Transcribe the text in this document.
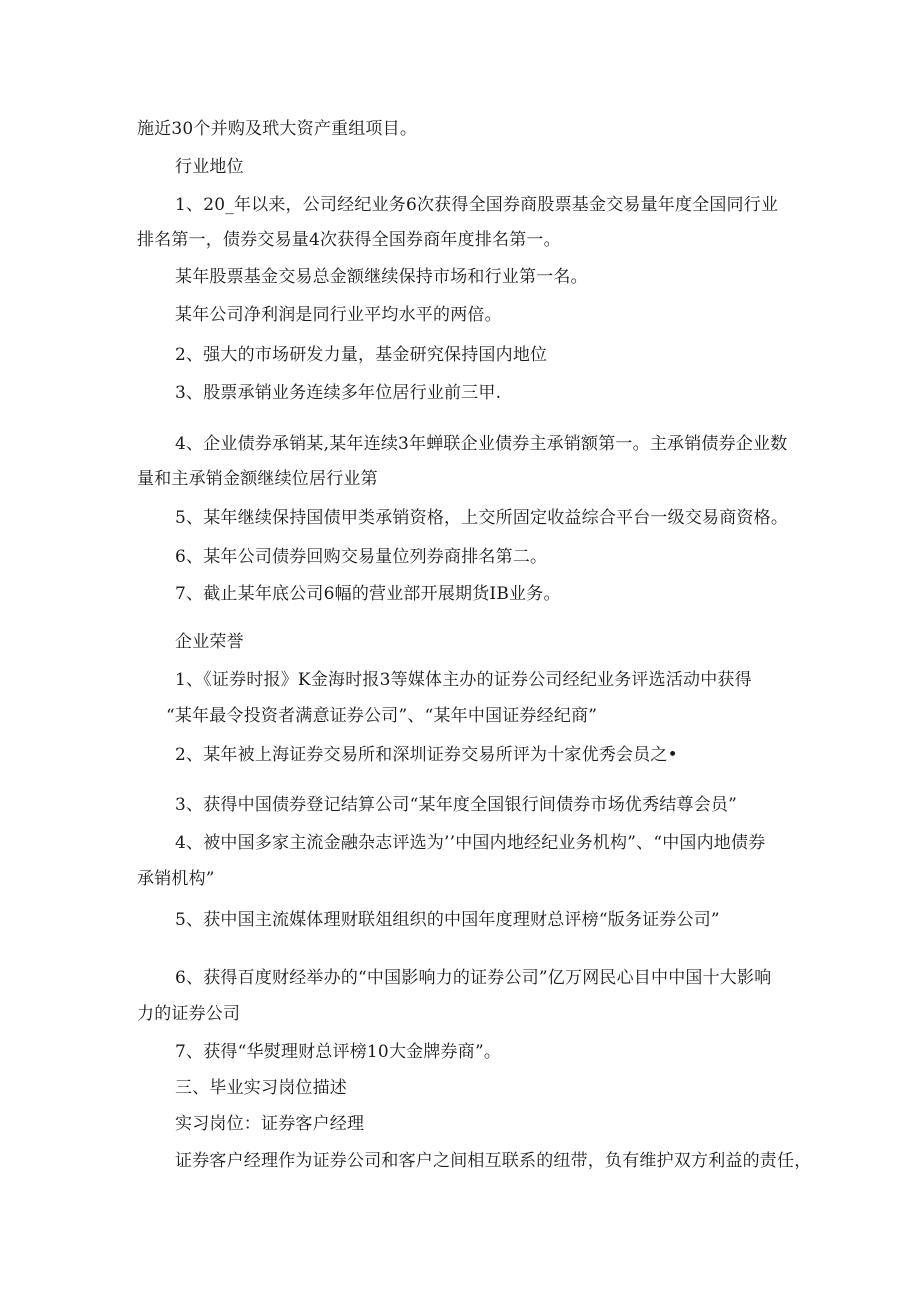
施近30个并购及玳大资产重组项目。

行业地位

1、20_年以来，公司经纪业务6次获得全国券商股票基金交易量年度全国同行业

排名第一，债券交易量4次获得全国券商年度排名第一。

某年股票基金交易总金额继续保持市场和行业第一名。

某年公司净利润是同行业平均水平的两倍。

2、强大的市场研发力量，基金研究保持国内地位

3、股票承销业务连续多年位居行业前三甲.

4、企业债券承销某,某年连续3年蝉联企业债券主承销额第一。主承销债券企业数

量和主承销金额继续位居行业第

5、某年继续保持国债甲类承销资格，上交所固定收益综合平台一级交易商资格。

6、某年公司债券回购交易量位列券商排名第二。

7、截止某年底公司6幅的营业部开展期货IB业务。

企业荣誉

1、《证券时报》K金海时报3等媒体主办的证券公司经纪业务评选活动中获得

“某年最令投资者满意证券公司”、“某年中国证券经纪商”

2、某年被上海证券交易所和深圳证券交易所评为十家优秀会员之•

3、获得中国债券登记结算公司“某年度全国银行间债券市场优秀结尊会员”

4、被中国多家主流金融杂志评选为’’中国内地经纪业务机构”、“中国内地债券

承销机构”

5、获中国主流媒体理财联俎组织的中国年度理财总评榜“版务证券公司”

6、获得百度财经举办的“中国影响力的证券公司”亿万网民心目中中国十大影响

力的证券公司

7、获得“华熨理财总评榜10大金牌券商”。

三、毕业实习岗位描述

实习岗位：证券客户经理

证券客户经理作为证券公司和客户之间相互联系的纽带，负有维护双方利益的责任，
